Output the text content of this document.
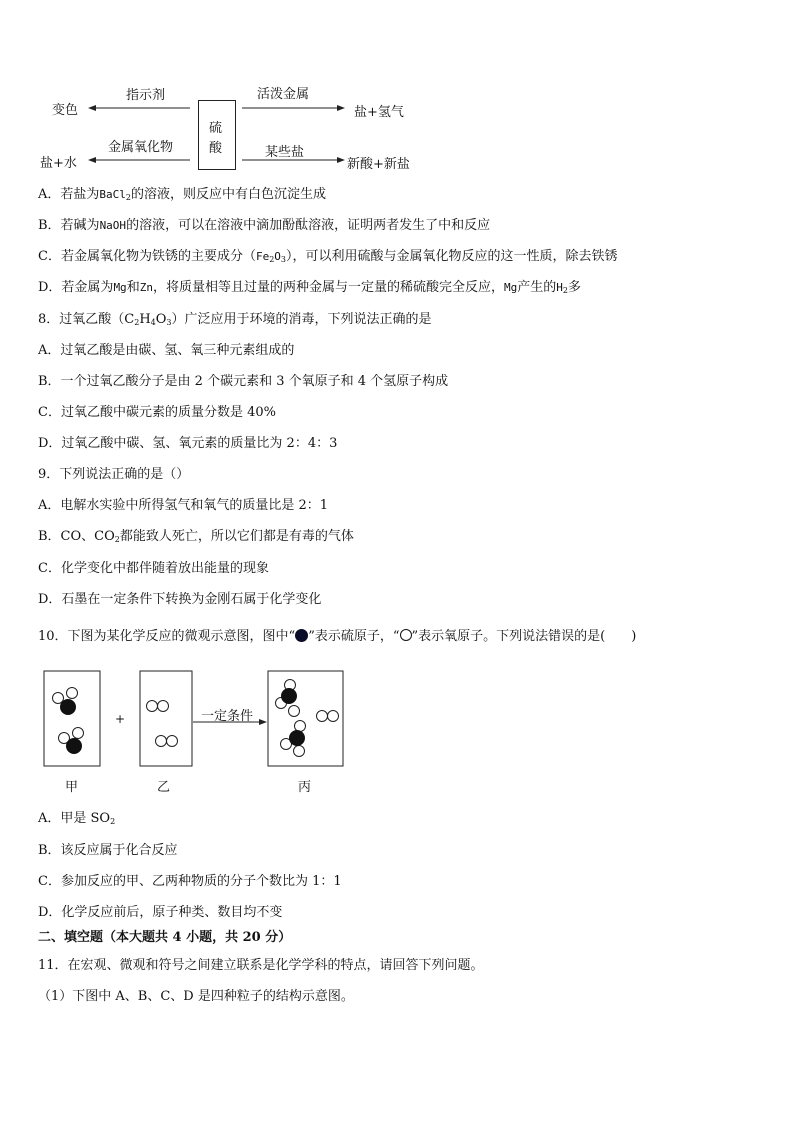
硫
酸
指示剂
变色
活泼金属
盐+氢气
金属氧化物
盐+水
某些盐
新酸+新盐
A．若盐为BaCl$_2$的溶液，则反应中有白色沉淀生成
B．若碱为NaOH的溶液，可以在溶液中滴加酚酞溶液，证明两者发生了中和反应
C．若金属氧化物为铁锈的主要成分$(Fe_2O_3)$，可以利用硫酸与金属氧化物反应的这一性质，除去铁锈
D．若金属为Mg和Zn，将质量相等且过量的两种金属与一定量的稀硫酸完全反应，Mg产生的$H_2$多
8．过氧乙酸$(C_2H_4O_3)$广泛应用于环境的消毒，下列说法正确的是
A．过氧乙酸是由碳、氢、氧三种元素组成的
B．一个过氧乙酸分子是由 2 个碳元素和 3 个氧原子和 4 个氢原子构成
C．过氧乙酸中碳元素的质量分数是 40%
D．过氧乙酸中碳、氢、氧元素的质量比为 2：4：3
9．下列说法正确的是（）
A．电解水实验中所得氢气和氧气的质量比是 2：1
B．CO、$CO_2$都能致人死亡，所以它们都是有毒的气体
C．化学变化中都伴随着放出能量的现象
D．石墨在一定条件下转换为金刚石属于化学变化
10．下图为某化学反应的微观示意图，图中“ ”表示硫原子，“ ”表示氧原子。下列说法错误的是(　　)
+	一定条件
甲	乙	丙
A．甲是 $SO_2$
B．该反应属于化合反应
C．参加反应的甲、乙两种物质的分子个数比为 1：1
D．化学反应前后，原子种类、数目均不变
二、填空题（本大题共 4 小题，共 20 分）
11．在宏观、微观和符号之间建立联系是化学学科的特点，请回答下列问题。
（1）下图中 A、B、C、D 是四种粒子的结构示意图。
